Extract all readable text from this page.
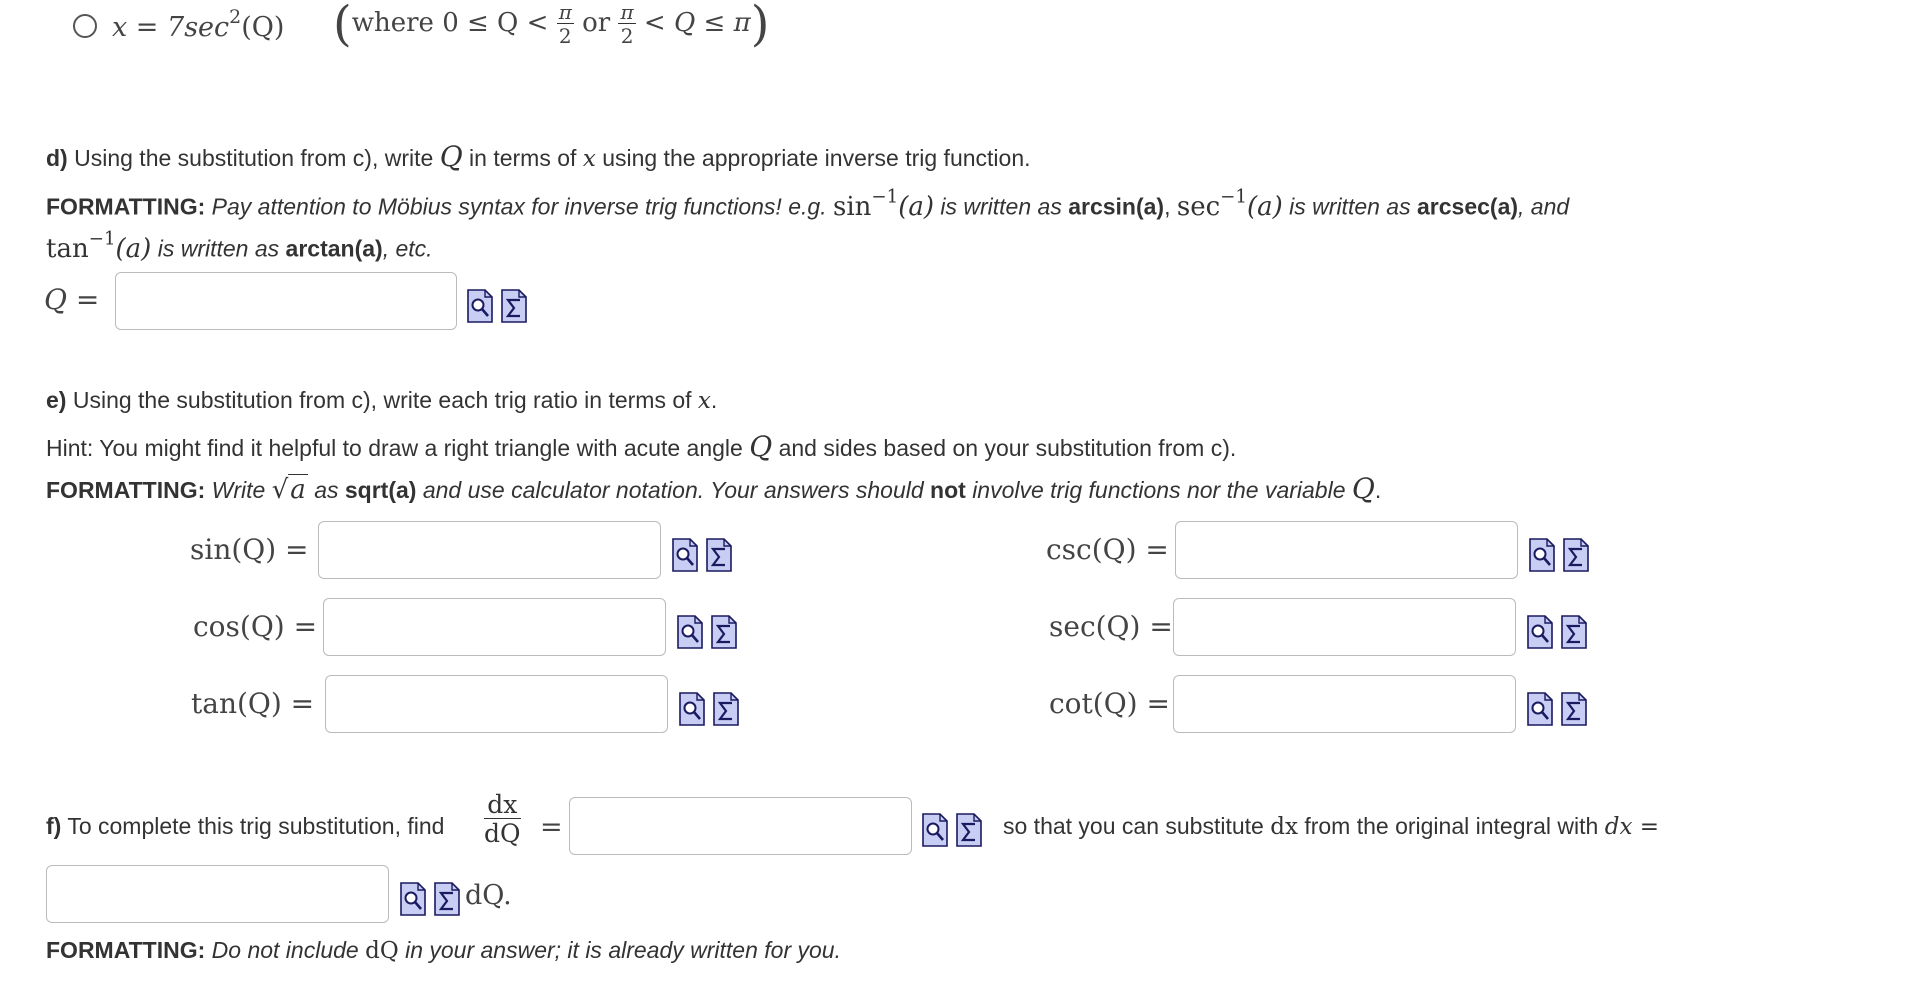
$x = 7\sec^2(Q)$ (where $0 \le Q < \frac{\pi}{2}$ or $\frac{\pi}{2} < Q \le \pi$)
d) Using the substitution from c), write Q in terms of x using the appropriate inverse trig function.
FORMATTING: Pay attention to Möbius syntax for inverse trig functions! e.g. $\sin^{-1}(a)$ is written as arcsin(a), $\sec^{-1}(a)$ is written as arcsec(a), and
$\tan^{-1}(a)$ is written as arctan(a), etc.
Q =
e) Using the substitution from c), write each trig ratio in terms of x.
Hint: You might find it helpful to draw a right triangle with acute angle Q and sides based on your substitution from c).
FORMATTING: Write √a as sqrt(a) and use calculator notation. Your answers should not involve trig functions nor the variable Q.
sin(Q) =
cos(Q) =
tan(Q) =
csc(Q) =
sec(Q) =
cot(Q) =
f) To complete this trig substitution, find $\frac{dx}{dQ}$ =	so that you can substitute dx from the original integral with dx =
dQ.
FORMATTING: Do not include dQ in your answer; it is already written for you.
